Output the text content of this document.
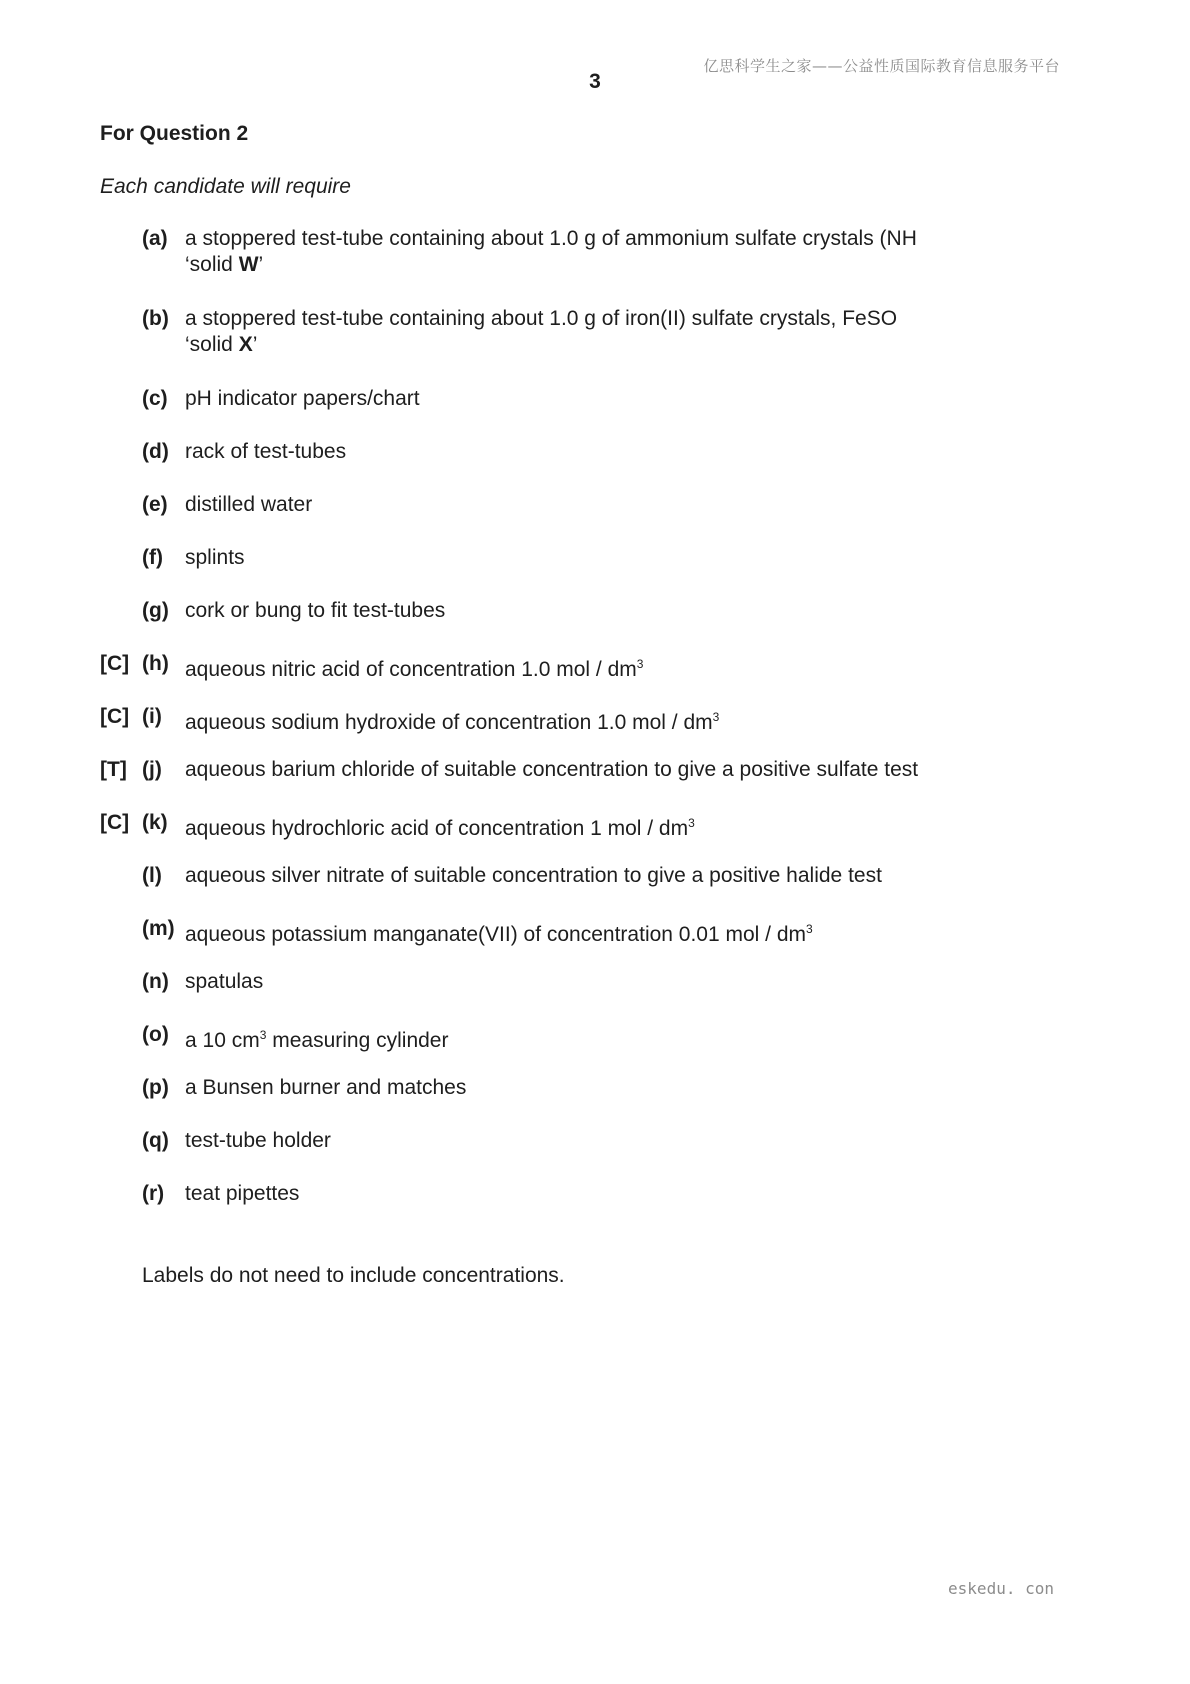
亿思科学生之家——公益性质国际教育信息服务平台
3
For Question 2
Each candidate will require
(a) a stoppered test-tube containing about 1.0 g of ammonium sulfate crystals (NH
‘solid W’
(b) a stoppered test-tube containing about 1.0 g of iron(II) sulfate crystals, FeSO
‘solid X’
(c) pH indicator papers/chart
(d) rack of test-tubes
(e) distilled water
(f)	splints
(g) cork or bung to fit test-tubes
[C] (h) aqueous nitric acid of concentration 1.0 mol / $dm^3$
[C] (i)	aqueous sodium hydroxide of concentration 1.0 mol / $dm^3$
[T] (j)	aqueous barium chloride of suitable concentration to give a positive sulfate test
[C] (k) aqueous hydrochloric acid of concentration 1 mol / $dm^3$
(l)	aqueous silver nitrate of suitable concentration to give a positive halide test
(m) aqueous potassium manganate(VII) of concentration 0.01 mol / $dm^3$
(n) spatulas
(o) a 10 $cm^3$ measuring cylinder
(p) a Bunsen burner and matches
(q) test-tube holder
(r) teat pipettes
Labels do not need to include concentrations.
eskedu. con
